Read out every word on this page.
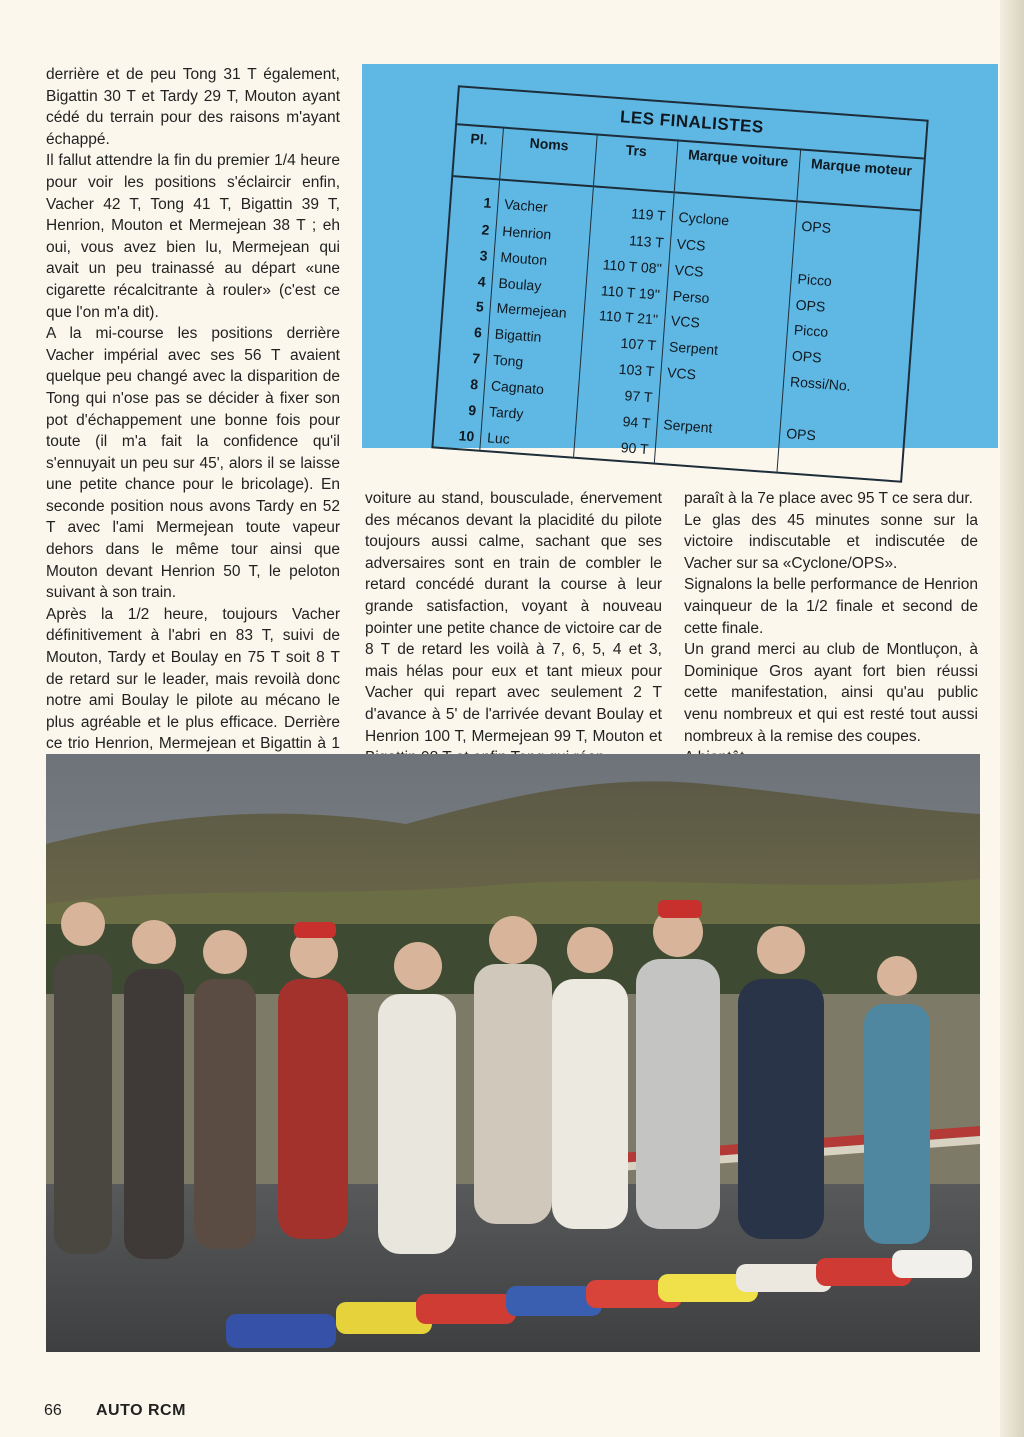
derrière et de peu Tong 31 T également, Bigattin 30 T et Tardy 29 T, Mouton ayant cédé du terrain pour des raisons m'ayant échappé.

Il fallut attendre la fin du premier 1/4 heure pour voir les positions s'éclaircir enfin, Vacher 42 T, Tong 41 T, Bigattin 39 T, Henrion, Mouton et Mermejean 38 T ; eh oui, vous avez bien lu, Mermejean qui avait un peu trainassé au départ «une cigarette récalcitrante à rouler» (c'est ce que l'on m'a dit).

A la mi-course les positions derrière Vacher impérial avec ses 56 T avaient quelque peu changé avec la disparition de Tong qui n'ose pas se décider à fixer son pot d'échappement une bonne fois pour toute (il m'a fait la confidence qu'il s'ennuyait un peu sur 45', alors il se laisse une petite chance pour le bricolage). En seconde position nous avons Tardy en 52 T avec l'ami Mermejean toute vapeur dehors dans le même tour ainsi que Mouton devant Henrion 50 T, le peloton suivant à son train.

Après la 1/2 heure, toujours Vacher définitivement à l'abri en 83 T, suivi de Mouton, Tardy et Boulay en 75 T soit 8 T de retard sur le leader, mais revoilà donc notre ami Boulay le pilote au mécano le plus agréable et le plus efficace. Derrière ce trio Henrion, Mermejean et Bigattin à 1

LES FINALISTES
Pl.	Noms	Trs	Marque voiture	Marque moteur
1	Vacher	119 T	Cyclone	OPS
2	Henrion	113 T	VCS	
3	Mouton	110 T 08''	VCS	Picco
4	Boulay	110 T 19''	Perso	OPS
5	Mermejean	110 T 21''	VCS	Picco
6	Bigattin	107 T	Serpent	OPS
7	Tong	103 T	VCS	Rossi/No.
8	Cagnato	97 T		
9	Tardy	94 T	Serpent	OPS
10	Luc	90 T		

voiture au stand, bousculade, énervement des mécanos devant la placidité du pilote toujours aussi calme, sachant que ses adversaires sont en train de combler le retard concédé durant la course à leur grande satisfaction, voyant à nouveau pointer une petite chance de victoire car de 8 T de retard les voilà à 7, 6, 5, 4 et 3, mais hélas pour eux et tant mieux pour Vacher qui repart avec seulement 2 T d'avance à 5' de l'arrivée devant Boulay et Henrion 100 T, Mermejean 99 T, Mouton et

paraît à la 7e place avec 95 T ce sera dur.

Le glas des 45 minutes sonne sur la victoire indiscutable et indiscutée de Vacher sur sa «Cyclone/OPS».

Signalons la belle performance de Henrion vainqueur de la 1/2 finale et second de cette finale.

Un grand merci au club de Montluçon, à Dominique Gros ayant fort bien réussi cette manifestation, ainsi qu'au public venu nombreux et qui est resté tout aussi nombreux à la remise des coupes.

66 AUTO RCM
